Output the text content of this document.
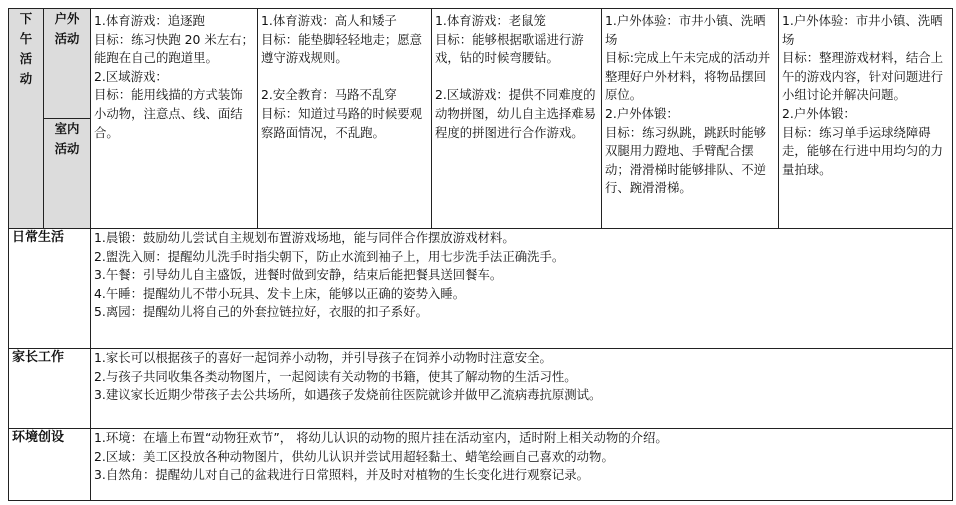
下
午
活
动	户外
活动	1.体育游戏：追逐跑
目标：练习快跑 20 米左右；能跑在自己的跑道里。
2.区域游戏：
目标：能用线描的方式装饰小动物，注意点、线、面结合。	1.体育游戏：高人和矮子
目标：能垫脚轻轻地走；愿意遵守游戏规则。

2.安全教育：马路不乱穿
目标：知道过马路的时候要观察路面情况，不乱跑。	1.体育游戏：老鼠笼
目标：能够根据歌谣进行游戏，钻的时候弯腰钻。

2.区域游戏：提供不同难度的动物拼图，幼儿自主选择难易程度的拼图进行合作游戏。	1.户外体验：市井小镇、洗晒场
目标:完成上午未完成的活动并整理好户外材料，将物品摆回原位。
2.户外体锻：
目标：练习纵跳，跳跃时能够双腿用力蹬地、手臂配合摆动；滑滑梯时能够排队、不逆行、踠滑滑梯。	1.户外体验：市井小镇、洗晒场
目标：整理游戏材料，结合上午的游戏内容，针对问题进行小组讨论并解决问题。
2.户外体锻：
目标：练习单手运球绕障碍走，能够在行进中用均匀的力量拍球。

	室内
活动					

日常生活		1.晨锻：鼓励幼儿尝试自主规划布置游戏场地，能与同伴合作摆放游戏材料。
2.盥洗入厕：提醒幼儿洗手时指尖朝下，防止水流到袖子上，用七步洗手法正确洗手。
3.午餐：引导幼儿自主盛饭，进餐时做到安静，结束后能把餐具送回餐车。
4.午睡：提醒幼儿不带小玩具、发卡上床，能够以正确的姿势入睡。
5.离园：提醒幼儿将自己的外套拉链拉好，衣服的扣子系好。				

家长工作		1.家长可以根据孩子的喜好一起饲养小动物，并引导孩子在饲养小动物时注意安全。
2.与孩子共同收集各类动物图片，一起阅读有关动物的书籍，使其了解动物的生活习性。
3.建议家长近期少带孩子去公共场所，如遇孩子发烧前往医院就诊并做甲乙流病毒抗原测试。				

环境创设		1.环境：在墙上布置“动物狂欢节”， 将幼儿认识的动物的照片挂在活动室内，适时附上相关动物的介绍。
2.区域：美工区投放各种动物图片，供幼儿认识并尝试用超轻黏土、蜡笔绘画自己喜欢的动物。
3.自然角：提醒幼儿对自己的盆栽进行日常照料，并及时对植物的生长变化进行观察记录。				
